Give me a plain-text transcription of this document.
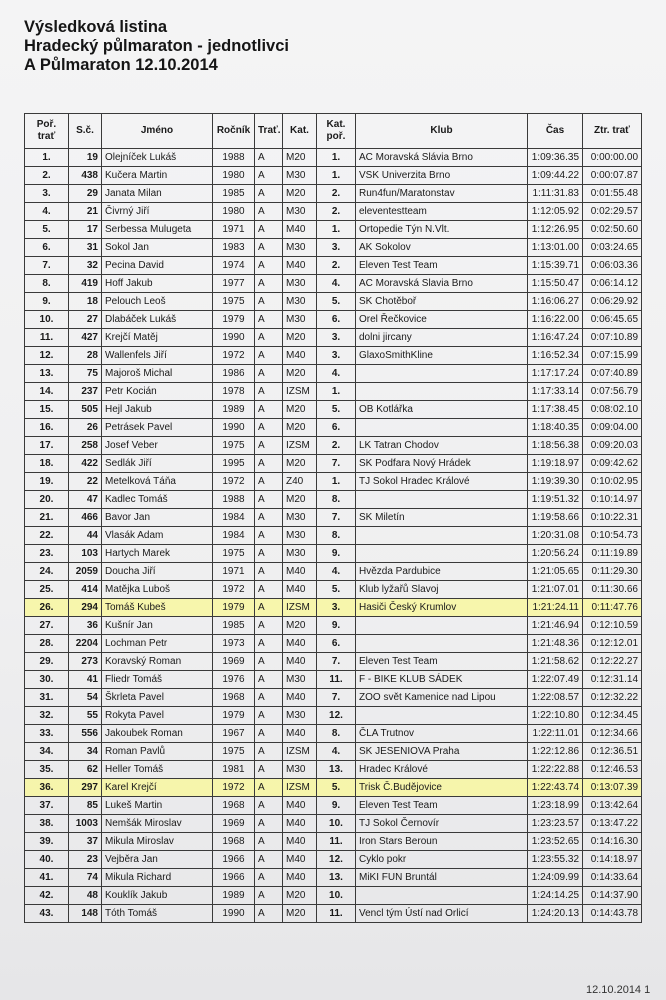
Výsledková listina
Hradecký půlmaraton - jednotlivci
A Půlmaraton 12.10.2014
Poř. trať	S.č.	Jméno	Ročník	Trať.	Kat.	Kat. poř.	Klub	Čas	Ztr. trať
1.	19	Olejníček Lukáš	1988	A	M20	1.	AC Moravská Slávia Brno	1:09:36.35	0:00:00.00
2.	438	Kučera Martin	1980	A	M30	1.	VSK Univerzita Brno	1:09:44.22	0:00:07.87
3.	29	Janata Milan	1985	A	M20	2.	Run4fun/Maratonstav	1:11:31.83	0:01:55.48
4.	21	Čivrný Jiří	1980	A	M30	2.	eleventestteam	1:12:05.92	0:02:29.57
5.	17	Serbessa Mulugeta	1971	A	M40	1.	Ortopedie Týn N.Vlt.	1:12:26.95	0:02:50.60
6.	31	Sokol Jan	1983	A	M30	3.	AK Sokolov	1:13:01.00	0:03:24.65
7.	32	Pecina David	1974	A	M40	2.	Eleven Test Team	1:15:39.71	0:06:03.36
8.	419	Hoff Jakub	1977	A	M30	4.	AC Moravská Slavia Brno	1:15:50.47	0:06:14.12
9.	18	Pelouch Leoš	1975	A	M30	5.	SK Chotěboř	1:16:06.27	0:06:29.92
10.	27	Dlabáček Lukáš	1979	A	M30	6.	Orel Řečkovice	1:16:22.00	0:06:45.65
11.	427	Krejčí Matěj	1990	A	M20	3.	dolni jircany	1:16:47.24	0:07:10.89
12.	28	Wallenfels Jiří	1972	A	M40	3.	GlaxoSmithKline	1:16:52.34	0:07:15.99
13.	75	Majoroš Michal	1986	A	M20	4.		1:17:17.24	0:07:40.89
14.	237	Petr Kocián	1978	A	IZSM	1.		1:17:33.14	0:07:56.79
15.	505	Hejl Jakub	1989	A	M20	5.	OB Kotlářka	1:17:38.45	0:08:02.10
16.	26	Petrásek Pavel	1990	A	M20	6.		1:18:40.35	0:09:04.00
17.	258	Josef Veber	1975	A	IZSM	2.	LK Tatran Chodov	1:18:56.38	0:09:20.03
18.	422	Sedlák Jiří	1995	A	M20	7.	SK Podfara Nový Hrádek	1:19:18.97	0:09:42.62
19.	22	Metelková Táňa	1972	A	Z40	1.	TJ Sokol Hradec Králové	1:19:39.30	0:10:02.95
20.	47	Kadlec Tomáš	1988	A	M20	8.		1:19:51.32	0:10:14.97
21.	466	Bavor Jan	1984	A	M30	7.	SK Miletín	1:19:58.66	0:10:22.31
22.	44	Vlasák Adam	1984	A	M30	8.		1:20:31.08	0:10:54.73
23.	103	Hartych Marek	1975	A	M30	9.		1:20:56.24	0:11:19.89
24.	2059	Doucha Jiří	1971	A	M40	4.	Hvězda Pardubice	1:21:05.65	0:11:29.30
25.	414	Matějka Luboš	1972	A	M40	5.	Klub lyžařů Slavoj	1:21:07.01	0:11:30.66
26.	294	Tomáš Kubeš	1979	A	IZSM	3.	Hasiči Český Krumlov	1:21:24.11	0:11:47.76
27.	36	Kušnír Jan	1985	A	M20	9.		1:21:46.94	0:12:10.59
28.	2204	Lochman Petr	1973	A	M40	6.		1:21:48.36	0:12:12.01
29.	273	Koravský Roman	1969	A	M40	7.	Eleven Test Team	1:21:58.62	0:12:22.27
30.	41	Fliedr Tomáš	1976	A	M30	11.	F - BIKE KLUB SÁDEK	1:22:07.49	0:12:31.14
31.	54	Škrleta Pavel	1968	A	M40	7.	ZOO svět Kamenice nad Lipou	1:22:08.57	0:12:32.22
32.	55	Rokyta Pavel	1979	A	M30	12.		1:22:10.80	0:12:34.45
33.	556	Jakoubek Roman	1967	A	M40	8.	ČLA Trutnov	1:22:11.01	0:12:34.66
34.	34	Roman Pavlů	1975	A	IZSM	4.	SK JESENIOVA Praha	1:22:12.86	0:12:36.51
35.	62	Heller Tomáš	1981	A	M30	13.	Hradec Králové	1:22:22.88	0:12:46.53
36.	297	Karel Krejčí	1972	A	IZSM	5.	Trisk Č.Budějovice	1:22:43.74	0:13:07.39
37.	85	Lukeš Martin	1968	A	M40	9.	Eleven Test Team	1:23:18.99	0:13:42.64
38.	1003	Nemšák Miroslav	1969	A	M40	10.	TJ Sokol Černovír	1:23:23.57	0:13:47.22
39.	37	Mikula Miroslav	1968	A	M40	11.	Iron Stars Beroun	1:23:52.65	0:14:16.30
40.	23	Vejběra Jan	1966	A	M40	12.	Cyklo pokr	1:23:55.32	0:14:18.97
41.	74	Mikula Richard	1966	A	M40	13.	MiKI FUN Bruntál	1:24:09.99	0:14:33.64
42.	48	Kouklík Jakub	1989	A	M20	10.		1:24:14.25	0:14:37.90
43.	148	Tóth Tomáš	1990	A	M20	11.	Vencl tým Ústí nad Orlicí	1:24:20.13	0:14:43.78
12.10.2014 1
